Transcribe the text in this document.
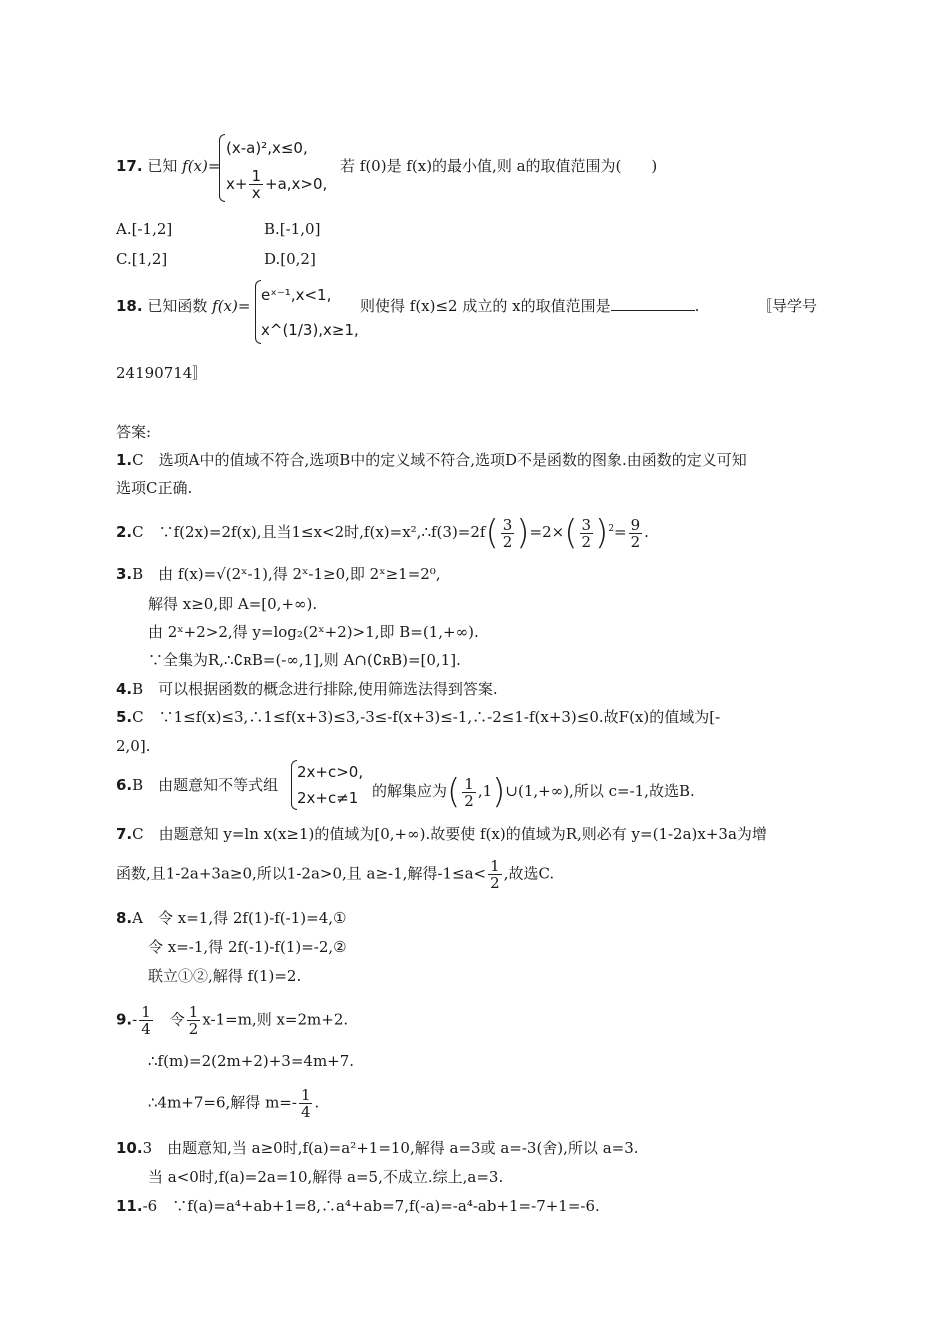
17. 已知 f(x)=
(x-a)²,x≤0,
$x+ \frac{1}{x} +a,x>0$,
若 f(0)是 f(x)的最小值,则 a的取值范围为(　　)
A.[-1,2]	B.[-1,0]
C.[1,2]	D.[0,2]
18. 已知函数 f(x)=
eˣ⁻¹,x<1,
x^(1/3),x≥1,
则使得 f(x)≤2 成立的 x的取值范围是	.	〚导学号
24190714〛
答案:
1.C　选项A中的值域不符合,选项B中的定义域不符合,选项D不是函数的图象.由函数的定义可知
选项C正确.
2.C　∵f(2x)=2f(x),且当1≤x<2时,f(x)=x²,∴f(3)=2f( $\frac{3}{2} )=2\times( \frac{3}{2} )^2= \frac{9}{2}$ .
3.B　由 f(x)=√(2ˣ-1),得 2ˣ-1≥0,即 2ˣ≥1=2⁰,
解得 x≥0,即 A=[0,+∞).
由 2ˣ+2>2,得 y=log₂(2ˣ+2)>1,即 B=(1,+∞).
∵全集为R,∴∁ʀB=(-∞,1],则 A∩(∁ʀB)=[0,1].
4.B　可以根据函数的概念进行排除,使用筛选法得到答案.
5.C　∵1≤f(x)≤3,∴1≤f(x+3)≤3,-3≤-f(x+3)≤-1,∴-2≤1-f(x+3)≤0.故F(x)的值域为[-
2,0].
6.B　由题意知不等式组
2x+c>0,
2x+c≠1 的解集应为( $\frac{1}{2}$ ,1)∪(1,+∞),所以 c=-1,故选B.
7.C　由题意知 y=ln x(x≥1)的值域为[0,+∞).故要使 f(x)的值域为R,则必有 y=(1-2a)x+3a为增
函数,且1-2a+3a≥0,所以1-2a>0,且 a≥-1,解得$-1\le a< \frac{1}{2}$ ,故选C.
8.A　令 x=1,得 2f(1)-f(-1)=4,①
令 x=-1,得 2f(-1)-f(1)=-2,②
联立①②,解得 f(1)=2.
$9.- \frac{1}{4}$ 　令 $\frac{1}{2} x-1=m$,则 x=2m+2.
∴f(m)=2(2m+2)+3=4m+7.
∴4m+7=6,解得 $m=- \frac{1}{4}$ .
10.3　由题意知,当 a≥0时,f(a)=a²+1=10,解得 a=3或 a=-3(舍),所以 a=3.
当 a<0时,f(a)=2a=10,解得 a=5,不成立.综上,a=3.
11.-6　∵f(a)=a⁴+ab+1=8,∴a⁴+ab=7,f(-a)=-a⁴-ab+1=-7+1=-6.
